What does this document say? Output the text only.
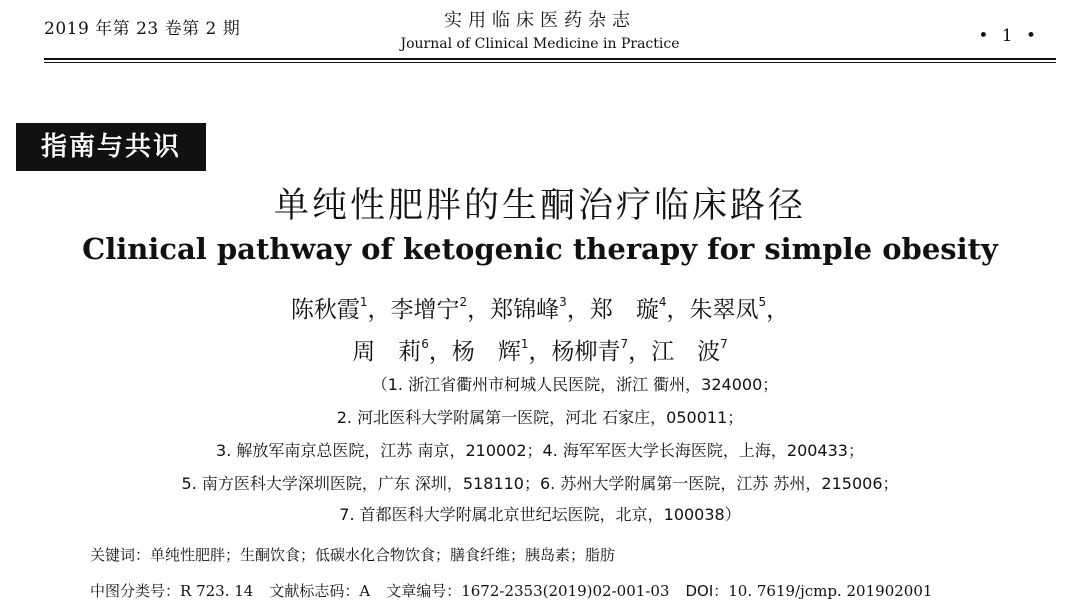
2019 年第 23 卷第 2 期	实用临床医药杂志
Journal of Clinical Medicine in Practice	• 1 •
指南与共识
单纯性肥胖的生酮治疗临床路径
Clinical pathway of ketogenic therapy for simple obesity
陈秋霞$^1$，李增宁$^2$，郑锦峰$^3$，郑　璇$^4$，朱翠凤$^5$，
周　莉$^6$，杨　辉$^1$，杨柳青$^7$，江　波$^7$
（1. 浙江省衢州市柯城人民医院，浙江 衢州，324000；
2. 河北医科大学附属第一医院，河北 石家庄，050011；
3. 解放军南京总医院，江苏 南京，210002；4. 海军军医大学长海医院，上海，200433；
5. 南方医科大学深圳医院，广东 深圳，518110；6. 苏州大学附属第一医院，江苏 苏州，215006；
7. 首都医科大学附属北京世纪坛医院，北京，100038）
关键词：单纯性肥胖；生酮饮食；低碳水化合物饮食；膳食纤维；胰岛素；脂肪
中图分类号：R 723. 14 文献标志码：A 文章编号：1672-2353(2019)02-001-03 DOI：10. 7619/jcmp. 201902001
